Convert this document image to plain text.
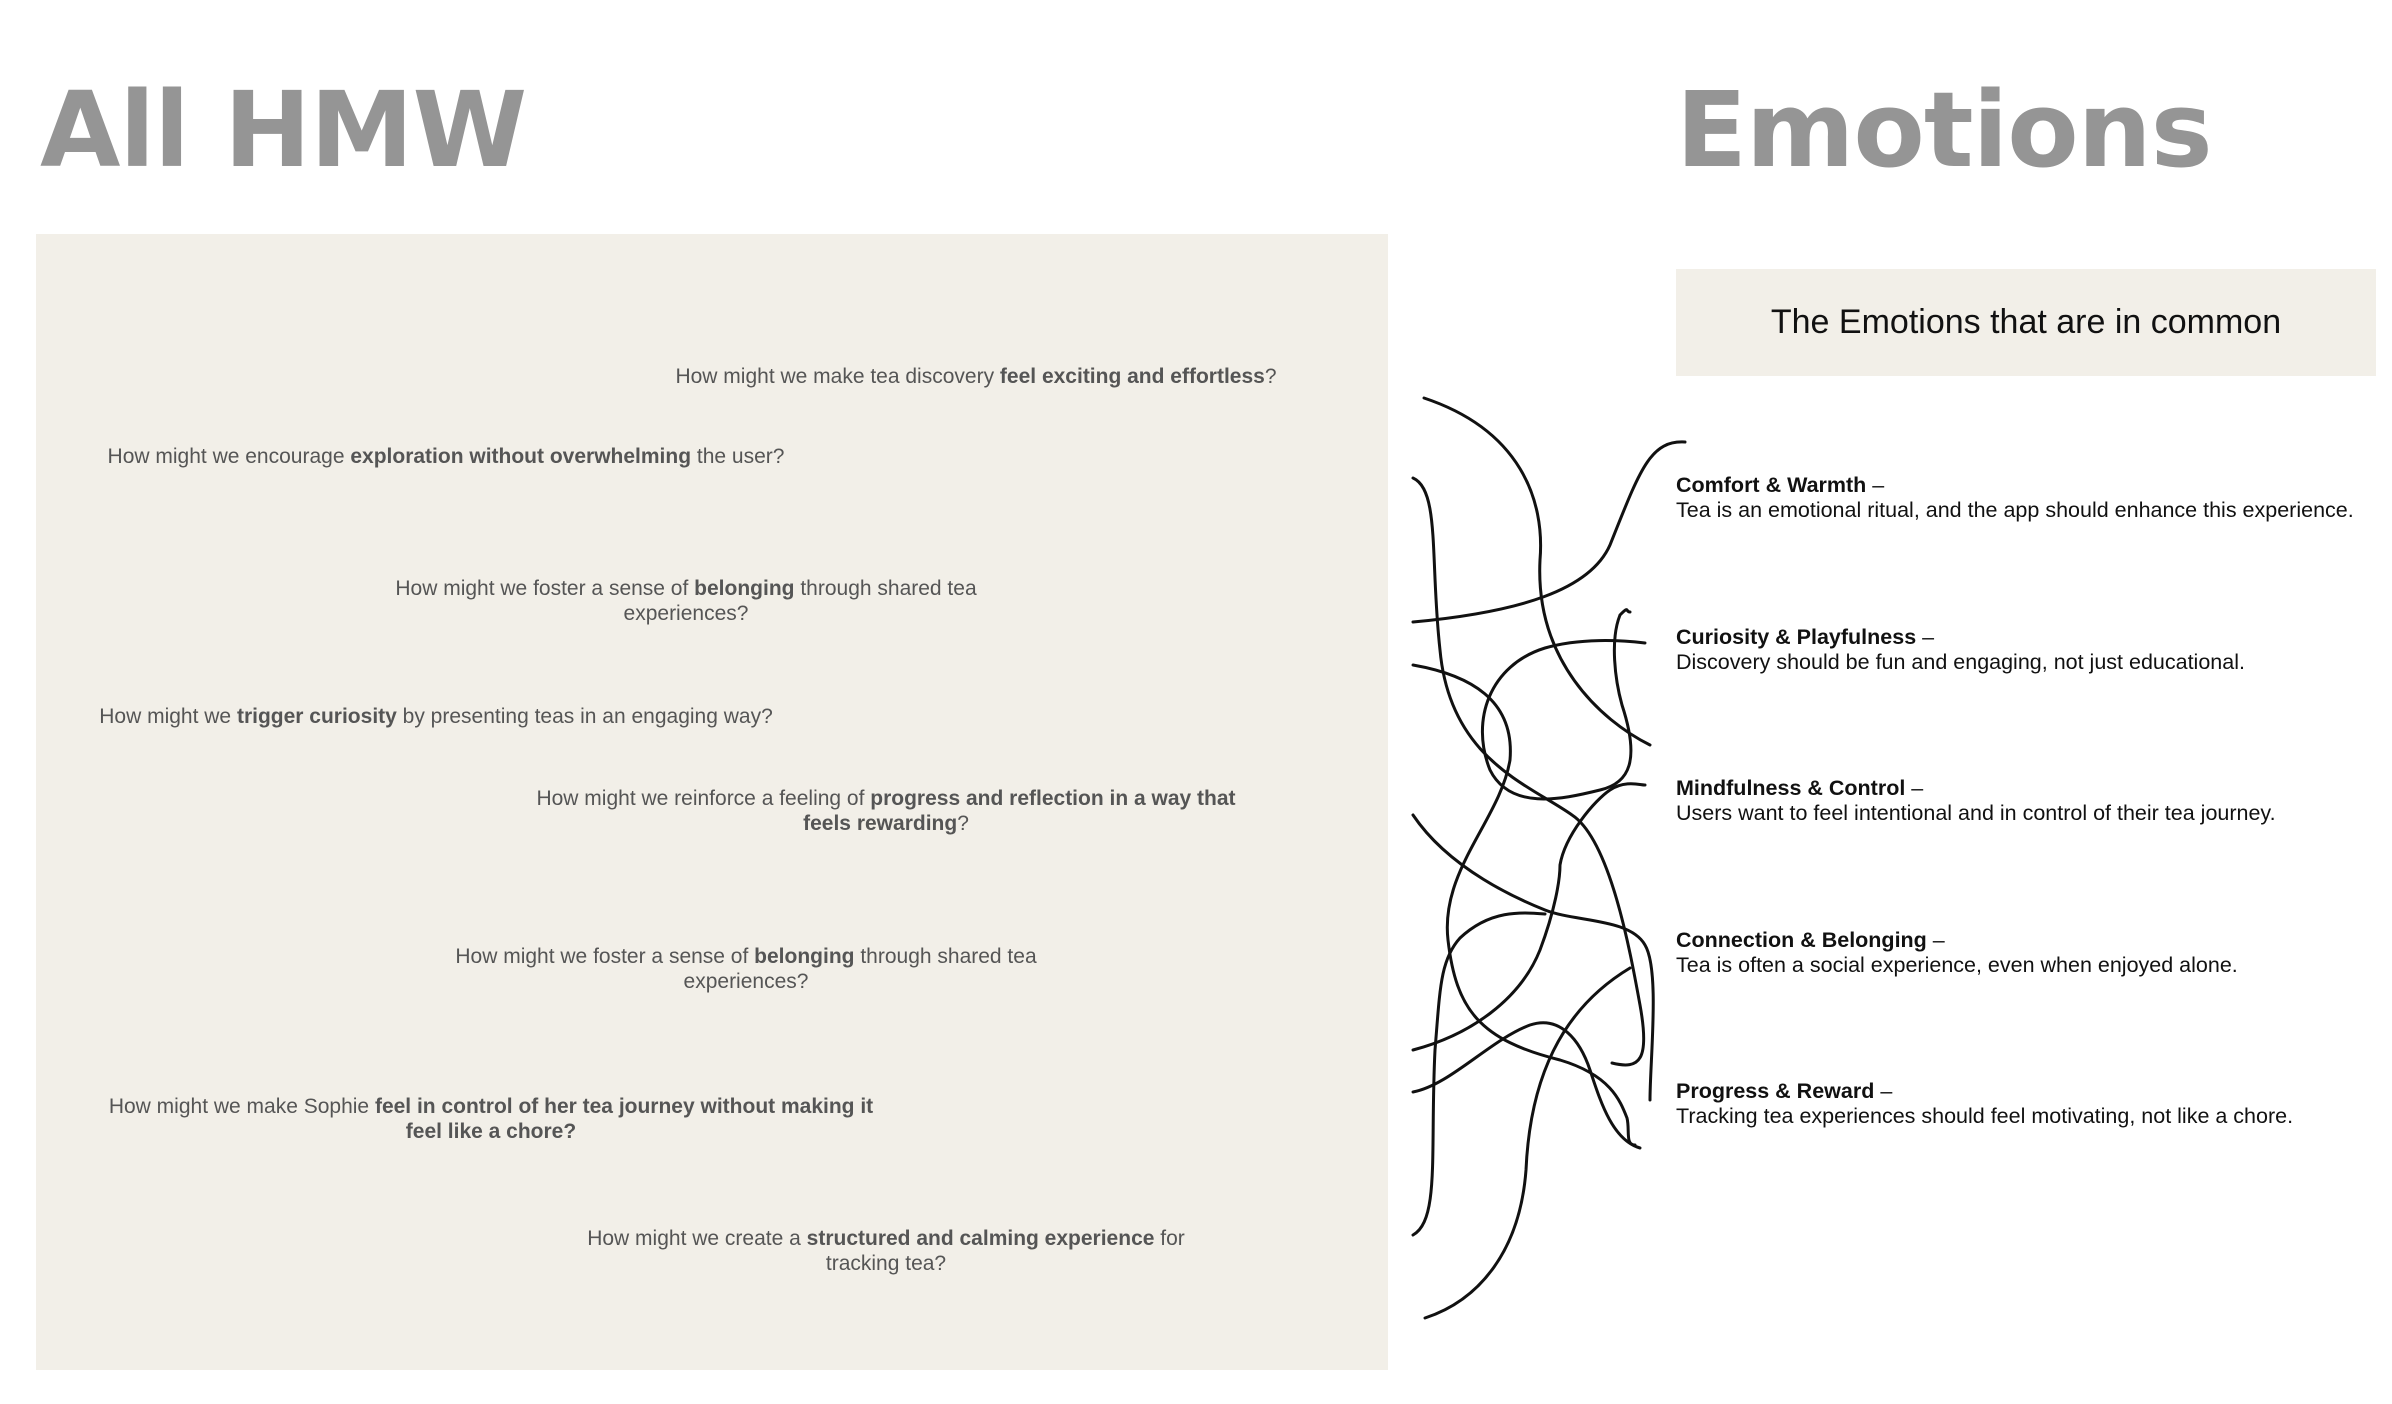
All HMW	Emotions

How might we make tea discovery feel exciting and effortless?

How might we encourage exploration without overwhelming the user?

How might we foster a sense of belonging through shared tea
experiences?

How might we trigger curiosity by presenting teas in an engaging way?

How might we reinforce a feeling of progress and reflection in a way that
feels rewarding?

How might we foster a sense of belonging through shared tea
experiences?

How might we make Sophie feel in control of her tea journey without making it
feel like a chore?

How might we create a structured and calming experience for
tracking tea?

The Emotions that are in common
Comfort & Warmth –
Tea is an emotional ritual, and the app should enhance this experience.
Curiosity & Playfulness –
Discovery should be fun and engaging, not just educational.
Mindfulness & Control –
Users want to feel intentional and in control of their tea journey.
Connection & Belonging –
Tea is often a social experience, even when enjoyed alone.
Progress & Reward –
Tracking tea experiences should feel motivating, not like a chore.
